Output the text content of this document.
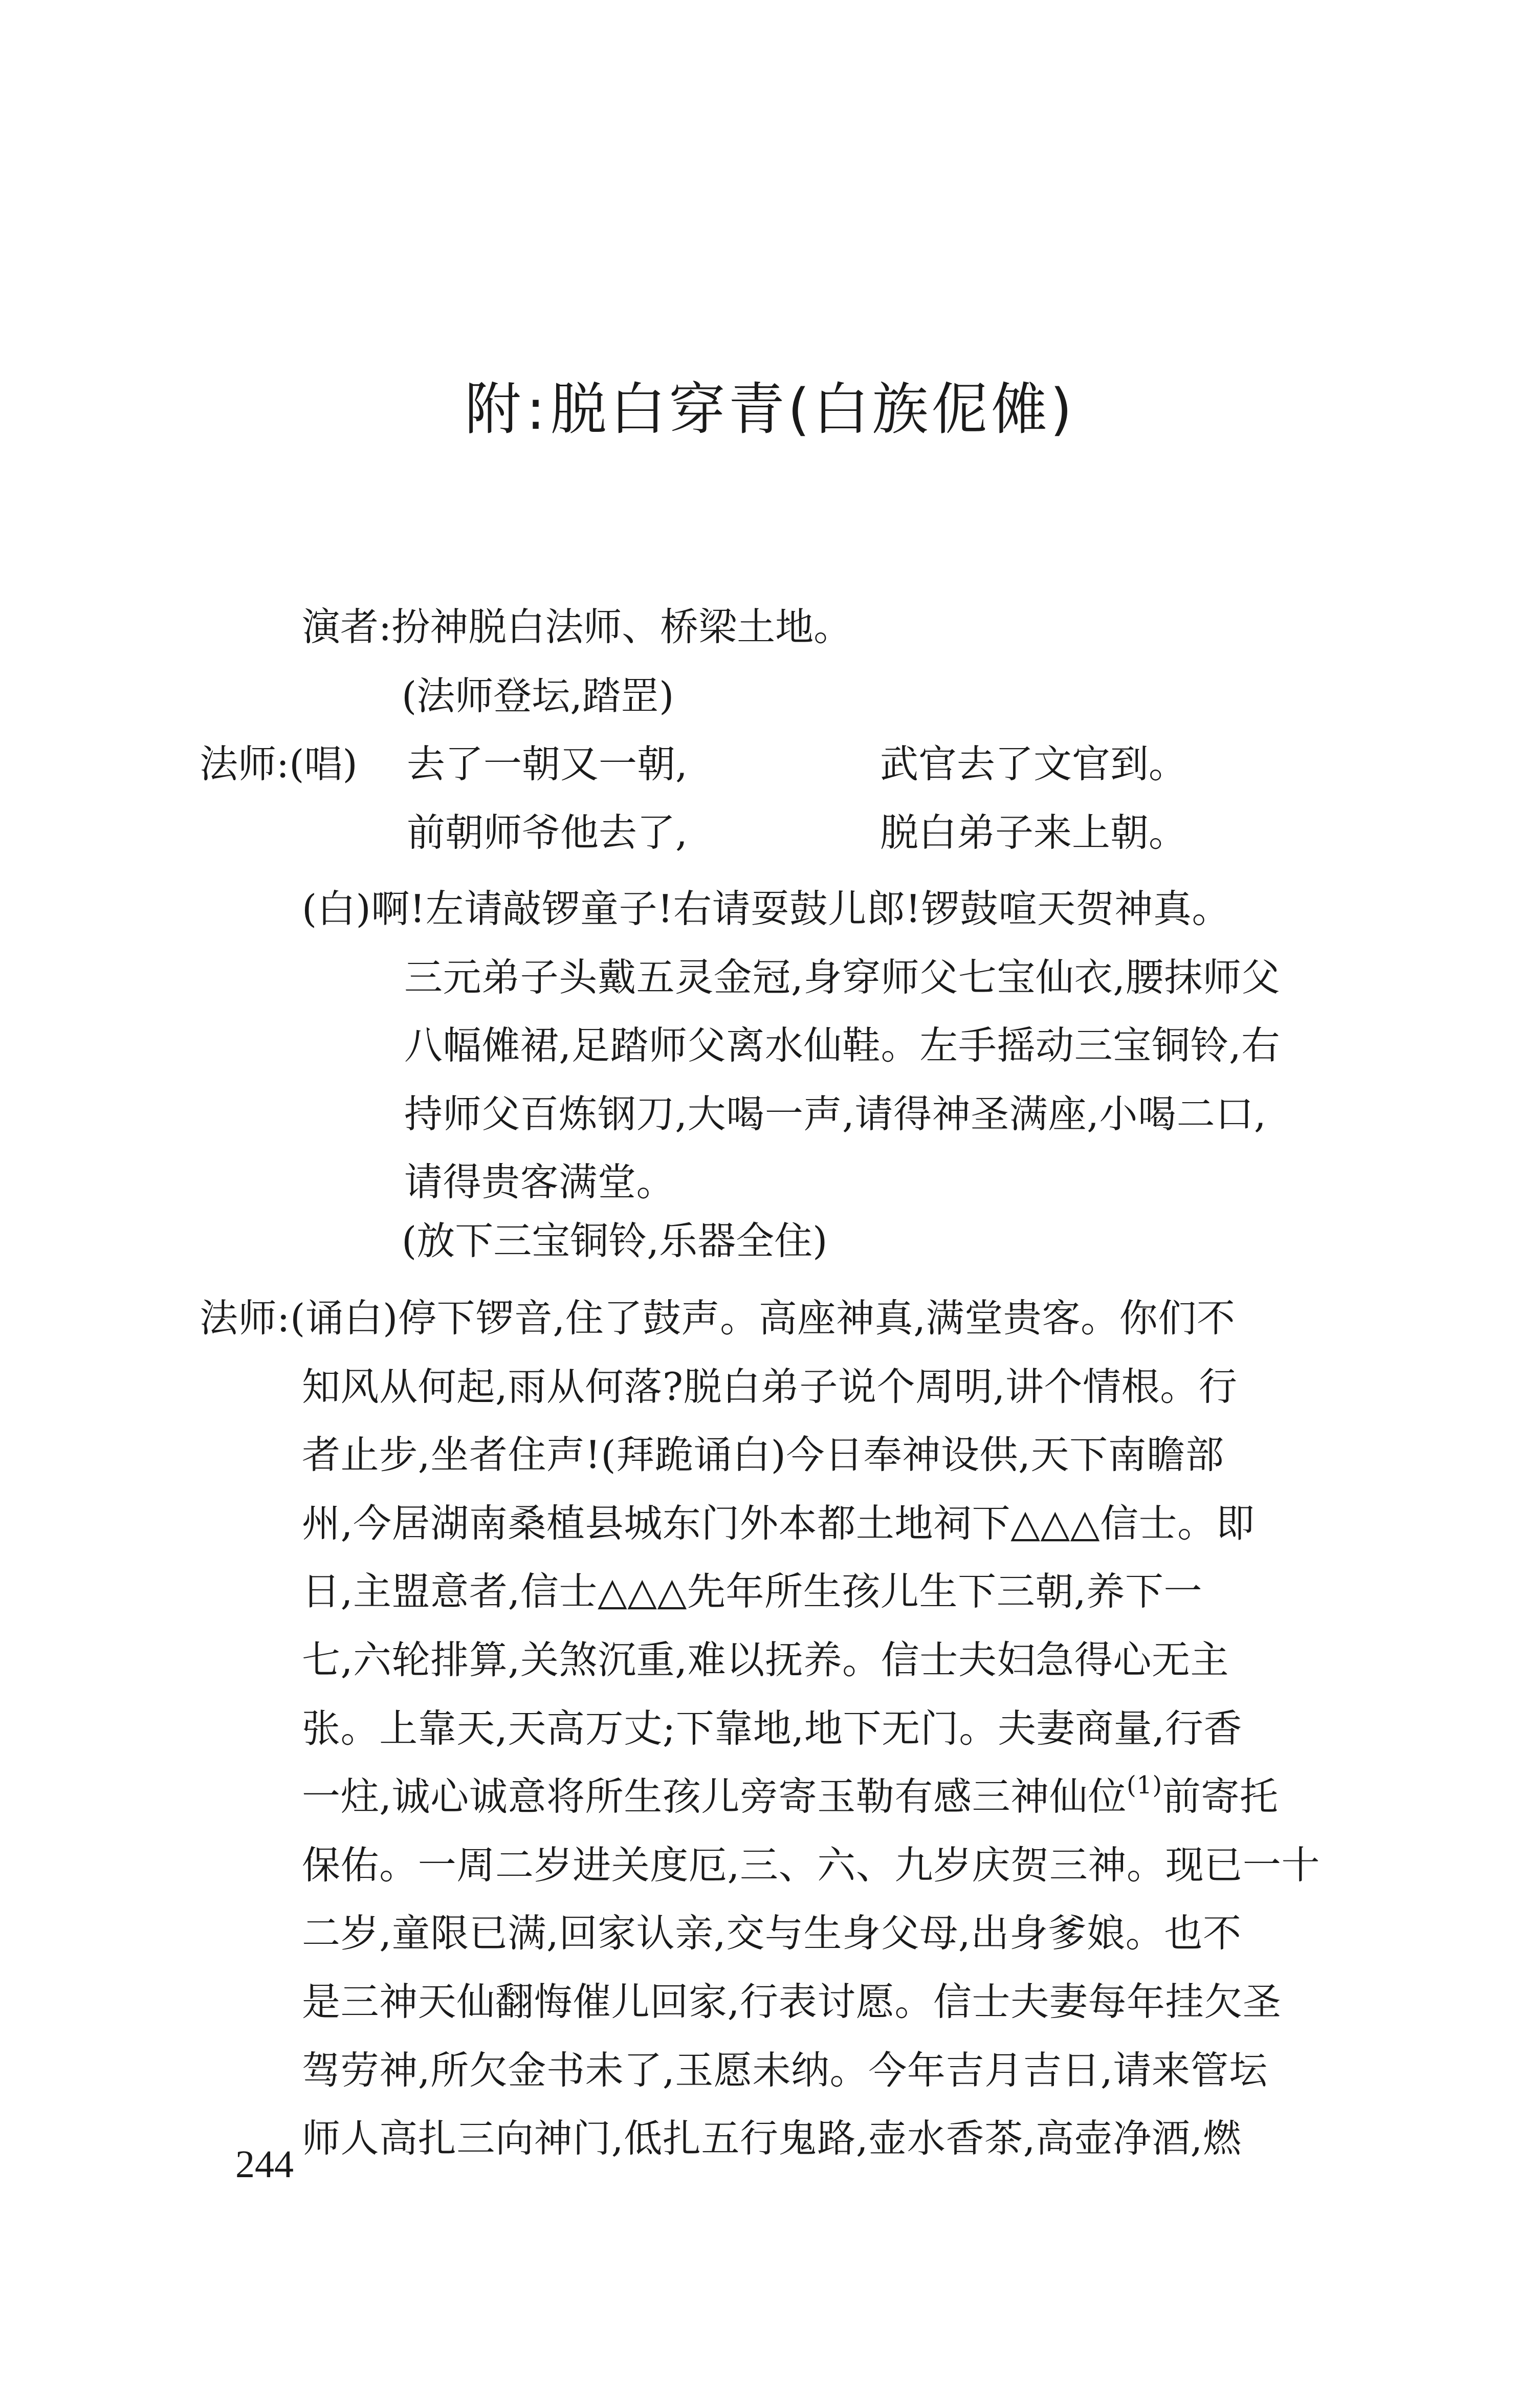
附:脱白穿青(白族伲傩)
演者:扮神脱白法师、桥梁土地。
(法师登坛,踏罡)
法师:(唱) 去了一朝又一朝,	武官去了文官到。
前朝师爷他去了,	脱白弟子来上朝。
(白)啊!左请敲锣童子!右请耍鼓儿郎!锣鼓喧天贺神真。
三元弟子头戴五灵金冠,身穿师父七宝仙衣,腰抹师父
八幅傩裙,足踏师父离水仙鞋。左手摇动三宝铜铃,右
持师父百炼钢刀,大喝一声,请得神圣满座,小喝二口,
请得贵客满堂。
(放下三宝铜铃,乐器全住)
法师:(诵白)停下锣音,住了鼓声。高座神真,满堂贵客。你们不
知风从何起,雨从何落?脱白弟子说个周明,讲个情根。行
者止步,坐者住声!(拜跪诵白)今日奉神设供,天下南瞻部
州,今居湖南桑植县城东门外本都土地祠下△△△信士。即
日,主盟意者,信士△△△先年所生孩儿生下三朝,养下一
七,六轮排算,关煞沉重,难以抚养。信士夫妇急得心无主
张。上靠天,天高万丈;下靠地,地下无门。夫妻商量,行香
一炷,诚心诚意将所生孩儿旁寄玉勒有感三神仙位$^{(1)}$前寄托
保佑。一周二岁进关度厄,三、六、九岁庆贺三神。现已一十
二岁,童限已满,回家认亲,交与生身父母,出身爹娘。也不
是三神天仙翻悔催儿回家,行表讨愿。信士夫妻每年挂欠圣
驾劳神,所欠金书未了,玉愿未纳。今年吉月吉日,请来管坛
师人高扎三向神门,低扎五行鬼路,壶水香茶,高壶净酒,燃
244
